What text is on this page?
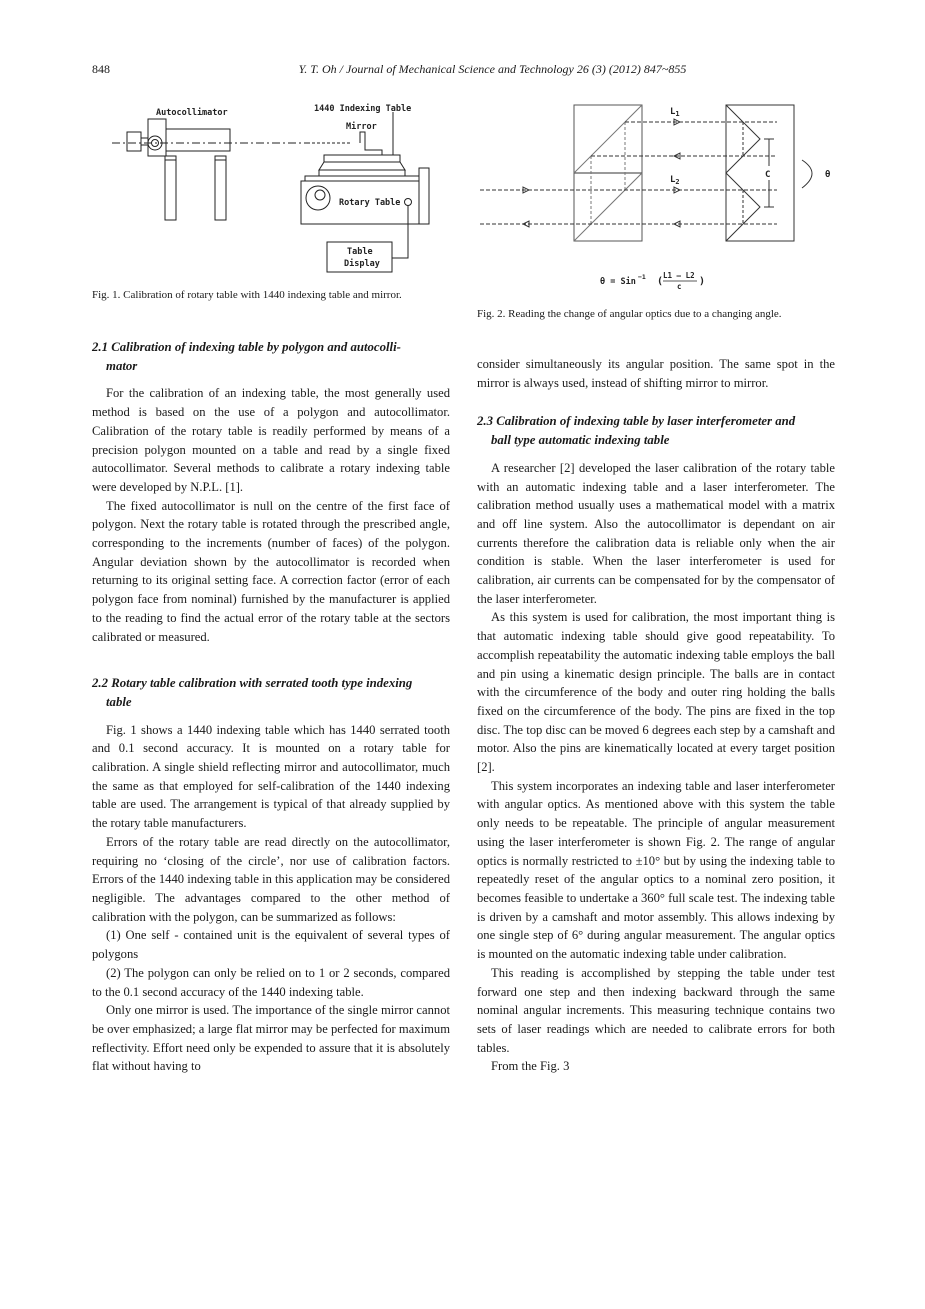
848	Y. T. Oh / Journal of Mechanical Science and Technology 26 (3) (2012) 847~855
Autocollimator	1440 Indexing Table
Mirror
Rotary Table
Table
Display
Fig. 1. Calibration of rotary table with 1440 indexing table and mirror.
C	θ
$L_1$
$L_2$
θ = Sin −1 (
L1 — L2
c )
Fig. 2. Reading the change of angular optics due to a changing angle.
2.1 Calibration of indexing table by polygon and autocolli-
mator

For the calibration of an indexing table, the most generally used method is based on the use of a polygon and autocollimator. Calibration of the rotary table is readily performed by means of a precision polygon mounted on a table and read by a single fixed autocollimator. Several methods to calibrate a rotary indexing table were developed by N.P.L. [1].

The fixed autocollimator is null on the centre of the first face of polygon. Next the rotary table is rotated through the prescribed angle, corresponding to the increments (number of faces) of the polygon. Angular deviation shown by the autocollimator is recorded when returning to its original setting face. A correction factor (error of each polygon face from nominal) furnished by the manufacturer is applied to the reading to find the actual error of the rotary table at the sectors calibrated or measured.

2.2 Rotary table calibration with serrated tooth type indexing
table

Fig. 1 shows a 1440 indexing table which has 1440 serrated tooth and 0.1 second accuracy. It is mounted on a rotary table for calibration. A single shield reflecting mirror and autocollimator, much the same as that employed for self-calibration of the 1440 indexing table are used. The arrangement is typical of that already supplied by the rotary table manufacturers.

Errors of the rotary table are read directly on the autocollimator, requiring no ‘closing of the circle’, nor use of calibration factors. Errors of the 1440 indexing table in this application may be considered negligible. The advantages compared to the other method of calibration with the polygon, can be summarized as follows:

(1) One self - contained unit is the equivalent of several types of polygons

(2) The polygon can only be relied on to 1 or 2 seconds, compared to the 0.1 second accuracy of the 1440 indexing table.

Only one mirror is used. The importance of the single mirror cannot be over emphasized; a large flat mirror may be perfected for maximum reflectivity. Effort need only be expended to assure that it is absolutely flat without having to

consider simultaneously its angular position. The same spot in the mirror is always used, instead of shifting mirror to mirror.

2.3 Calibration of indexing table by laser interferometer and
ball type automatic indexing table

A researcher [2] developed the laser calibration of the rotary table with an automatic indexing table and a laser interferometer. The calibration method usually uses a mathematical model with a matrix and off line system. Also the autocollimator is dependant on air currents therefore the calibration data is reliable only when the air condition is stable. When the laser interferometer is used for calibration, air currents can be compensated for by the compensator of the laser interferometer.

As this system is used for calibration, the most important thing is that automatic indexing table should give good repeatability. To accomplish repeatability the automatic indexing table employs the ball and pin using a kinematic design principle. The balls are in contact with the circumference of the body and outer ring holding the balls fixed on the circumference of the body. The pins are fixed in the top disc. The top disc can be moved 6 degrees each step by a camshaft and motor. Also the pins are kinematically located at every target position [2].

This system incorporates an indexing table and laser interferometer with angular optics. As mentioned above with this system the table only needs to be repeatable. The principle of angular measurement using the laser interferometer is shown Fig. 2. The range of angular optics is normally restricted to ±10° but by using the indexing table to repeatedly reset of the angular optics to a nominal zero position, it becomes feasible to undertake a 360° full scale test. The indexing table is driven by a camshaft and motor assembly. This allows indexing by one single step of 6° during angular measurement. The angular optics is mounted on the automatic indexing table under calibration.

This reading is accomplished by stepping the table under test forward one step and then indexing backward through the same nominal angular increments. This measuring technique contains two sets of laser readings which are needed to calibrate errors for both tables.

From the Fig. 3
